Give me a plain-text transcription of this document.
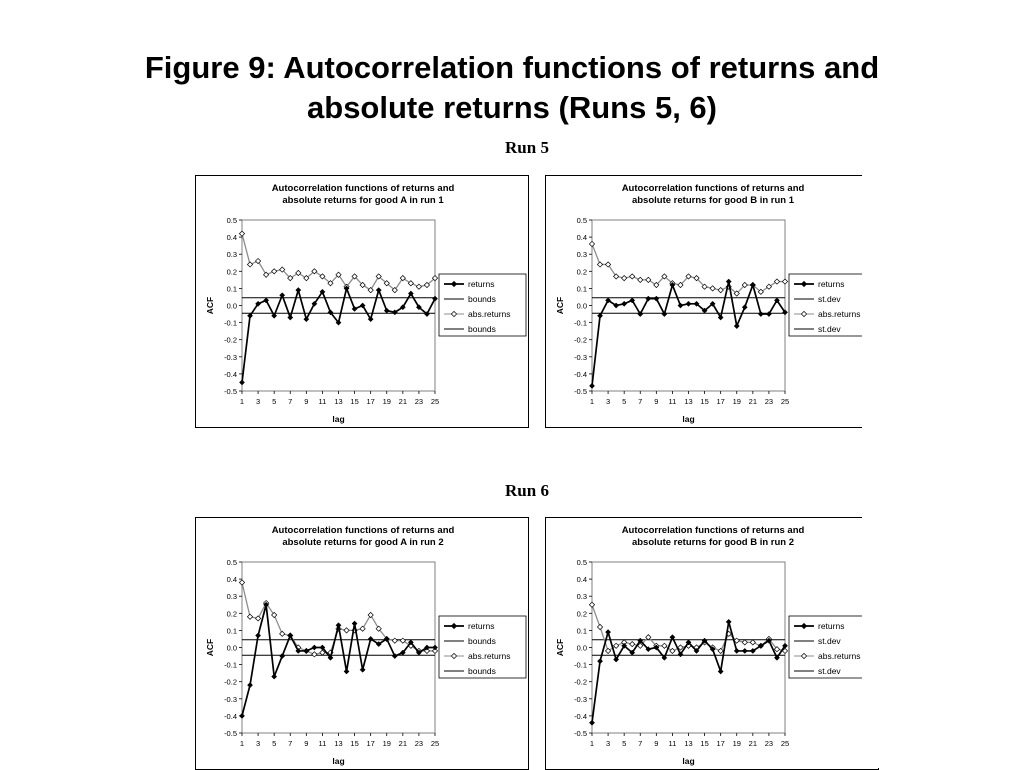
Figure 9: Autocorrelation functions of returns and
absolute returns (Runs 5, 6)
Run 5
Run 6
Autocorrelation functions of returns and
absolute returns for good A in run 1
0.5
0.4
0.3
0.2
0.1
0.0
-0.1
-0.2
-0.3
-0.4
-0.5
1 3 5 7 9 11 13 15 17 19 21 23 25
lag
ACF
returns
bounds
abs.returns
bounds
Autocorrelation functions of returns and
absolute returns for good B in run 1
0.5
0.4
0.3
0.2
0.1
0.0
-0.1
-0.2
-0.3
-0.4
-0.5
1 3 5 7 9 11 13 15 17 19 21 23 25
lag
ACF
returns
st.dev
abs.returns
st.dev
Autocorrelation functions of returns and
absolute returns for good A in run 2
0.5
0.4
0.3
0.2
0.1
0.0
-0.1
-0.2
-0.3
-0.4
-0.5
1 3 5 7 9 11 13 15 17 19 21 23 25
lag
ACF
returns
bounds
abs.returns
bounds
Autocorrelation functions of returns and
absolute returns for good B in run 2
0.5
0.4
0.3
0.2
0.1
0.0
-0.1
-0.2
-0.3
-0.4
-0.5
1 3 5 7 9 11 13 15 17 19 21 23 25
lag
ACF
returns
st.dev
abs.returns
st.dev
